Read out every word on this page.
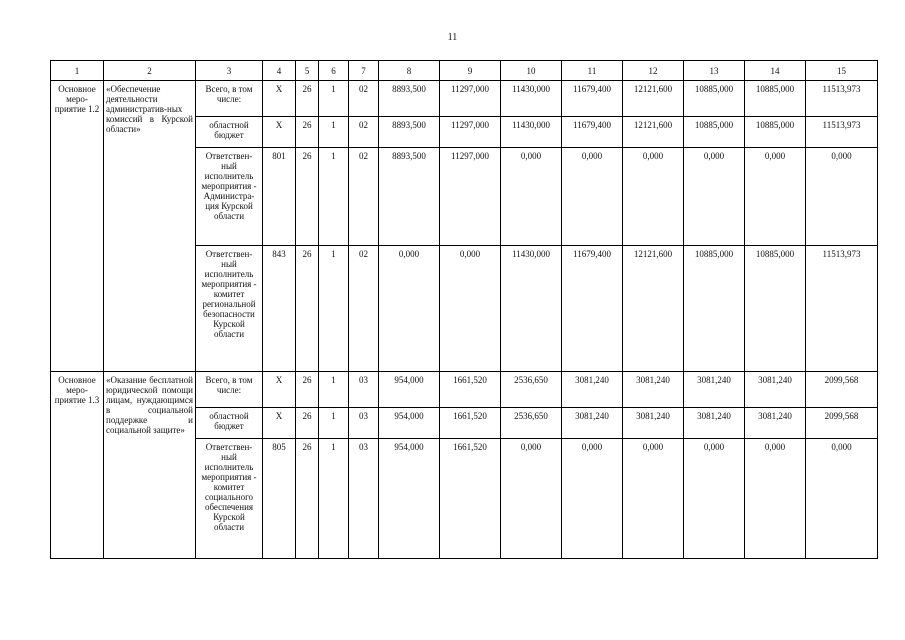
11
1	2	3	4	5	6	7	8	9	10	11	12	13	14	15
Основное меро-приятие 1.2	«Обеспечение деятельности административ-ных комиссий в Курской области»	Всего, в том числе:	Х	26	1	02	8893,500	11297,000	11430,000	11679,400	12121,600	10885,000	10885,000	11513,973
		областной бюджет	Х	26	1	02	8893,500	11297,000	11430,000	11679,400	12121,600	10885,000	10885,000	11513,973
		Ответствен-ный исполнитель мероприятия - Администра-ция Курской области	801	26	1	02	8893,500	11297,000	0,000	0,000	0,000	0,000	0,000	0,000
		Ответствен-ный исполнитель мероприятия - комитет региональной безопасности Курской области	843	26	1	02	0,000	0,000	11430,000	11679,400	12121,600	10885,000	10885,000	11513,973
Основное меро-приятие 1.3	«Оказание бесплатной юридической помощи лицам, нуждающимся в социальной поддержке и социальной защите»	Всего, в том числе:	Х	26	1	03	954,000	1661,520	2536,650	3081,240	3081,240	3081,240	3081,240	2099,568
		областной бюджет	Х	26	1	03	954,000	1661,520	2536,650	3081,240	3081,240	3081,240	3081,240	2099,568
		Ответствен-ный исполнитель мероприятия - комитет социального обеспечения Курской области	805	26	1	03	954,000	1661,520	0,000	0,000	0,000	0,000	0,000	0,000
